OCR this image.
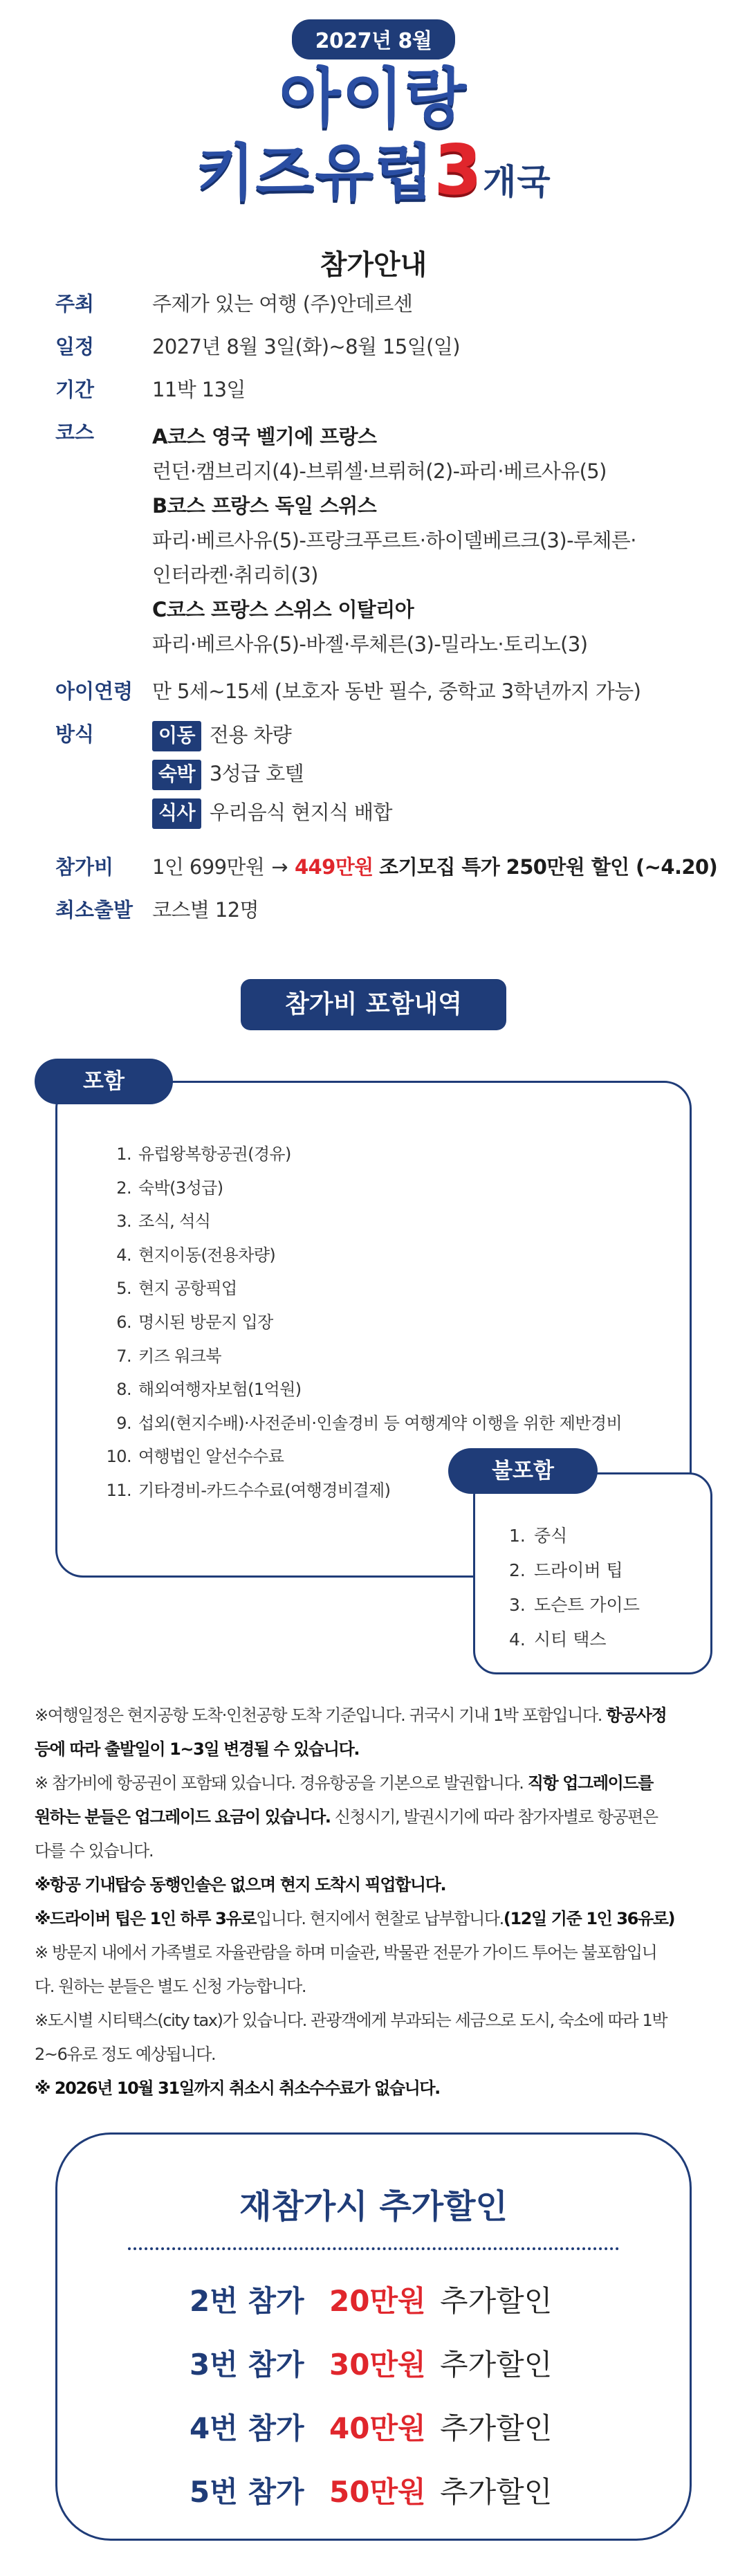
2027년 8월
아이랑
키즈유럽3개국
참가안내
주최	주제가 있는 여행 (주)안데르센
일정	2027년 8월 3일(화)~8월 15일(일)
기간	11박 13일
코스	A코스 영국 벨기에 프랑스
런던·캠브리지(4)-브뤼셀·브뤼허(2)-파리·베르사유(5)
B코스 프랑스 독일 스위스
파리·베르사유(5)-프랑크푸르트·하이델베르크(3)-루체른·
인터라켄·취리히(3)
C코스 프랑스 스위스 이탈리아
파리·베르사유(5)-바젤·루체른(3)-밀라노·토리노(3)
아이연령 만 5세~15세 (보호자 동반 필수, 중학교 3학년까지 가능)
방식	이동 전용 차량
숙박 3성급 호텔
식사 우리음식 현지식 배합
참가비	1인 699만원 → 449만원 조기모집 특가 250만원 할인 (~4.20)
최소출발 코스별 12명
참가비 포함내역
포함
1. 유럽왕복항공권(경유)
2. 숙박(3성급)
3. 조식, 석식
4. 현지이동(전용차량)
5. 현지 공항픽업
6. 명시된 방문지 입장
7. 키즈 워크북
8. 해외여행자보험(1억원)
9. 섭외(현지수배)·사전준비·인솔경비 등 여행계약 이행을 위한 제반경비
10. 여행법인 알선수수료
11. 기타경비-카드수수료(여행경비결제)
불포함
1. 중식
2. 드라이버 팁
3. 도슨트 가이드
4. 시티 택스

※여행일정은 현지공항 도착·인천공항 도착 기준입니다. 귀국시 기내 1박 포함입니다. 항공사정

등에 따라 출발일이 1~3일 변경될 수 있습니다.

※ 참가비에 항공권이 포함돼 있습니다. 경유항공을 기본으로 발권합니다. 직항 업그레이드를

원하는 분들은 업그레이드 요금이 있습니다. 신청시기, 발권시기에 따라 참가자별로 항공편은

다를 수 있습니다.

※항공 기내탑승 동행인솔은 없으며 현지 도착시 픽업합니다.

※드라이버 팁은 1인 하루 3유로입니다. 현지에서 현찰로 납부합니다.(12일 기준 1인 36유로)

※ 방문지 내에서 가족별로 자율관람을 하며 미술관, 박물관 전문가 가이드 투어는 불포함입니

다. 원하는 분들은 별도 신청 가능합니다.

※도시별 시티택스(city tax)가 있습니다. 관광객에게 부과되는 세금으로 도시, 숙소에 따라 1박

2~6유로 정도 예상됩니다.

※ 2026년 10월 31일까지 취소시 취소수수료가 없습니다.

재참가시 추가할인
2번 참가 20만원 추가할인
3번 참가 30만원 추가할인
4번 참가 40만원 추가할인
5번 참가 50만원 추가할인
